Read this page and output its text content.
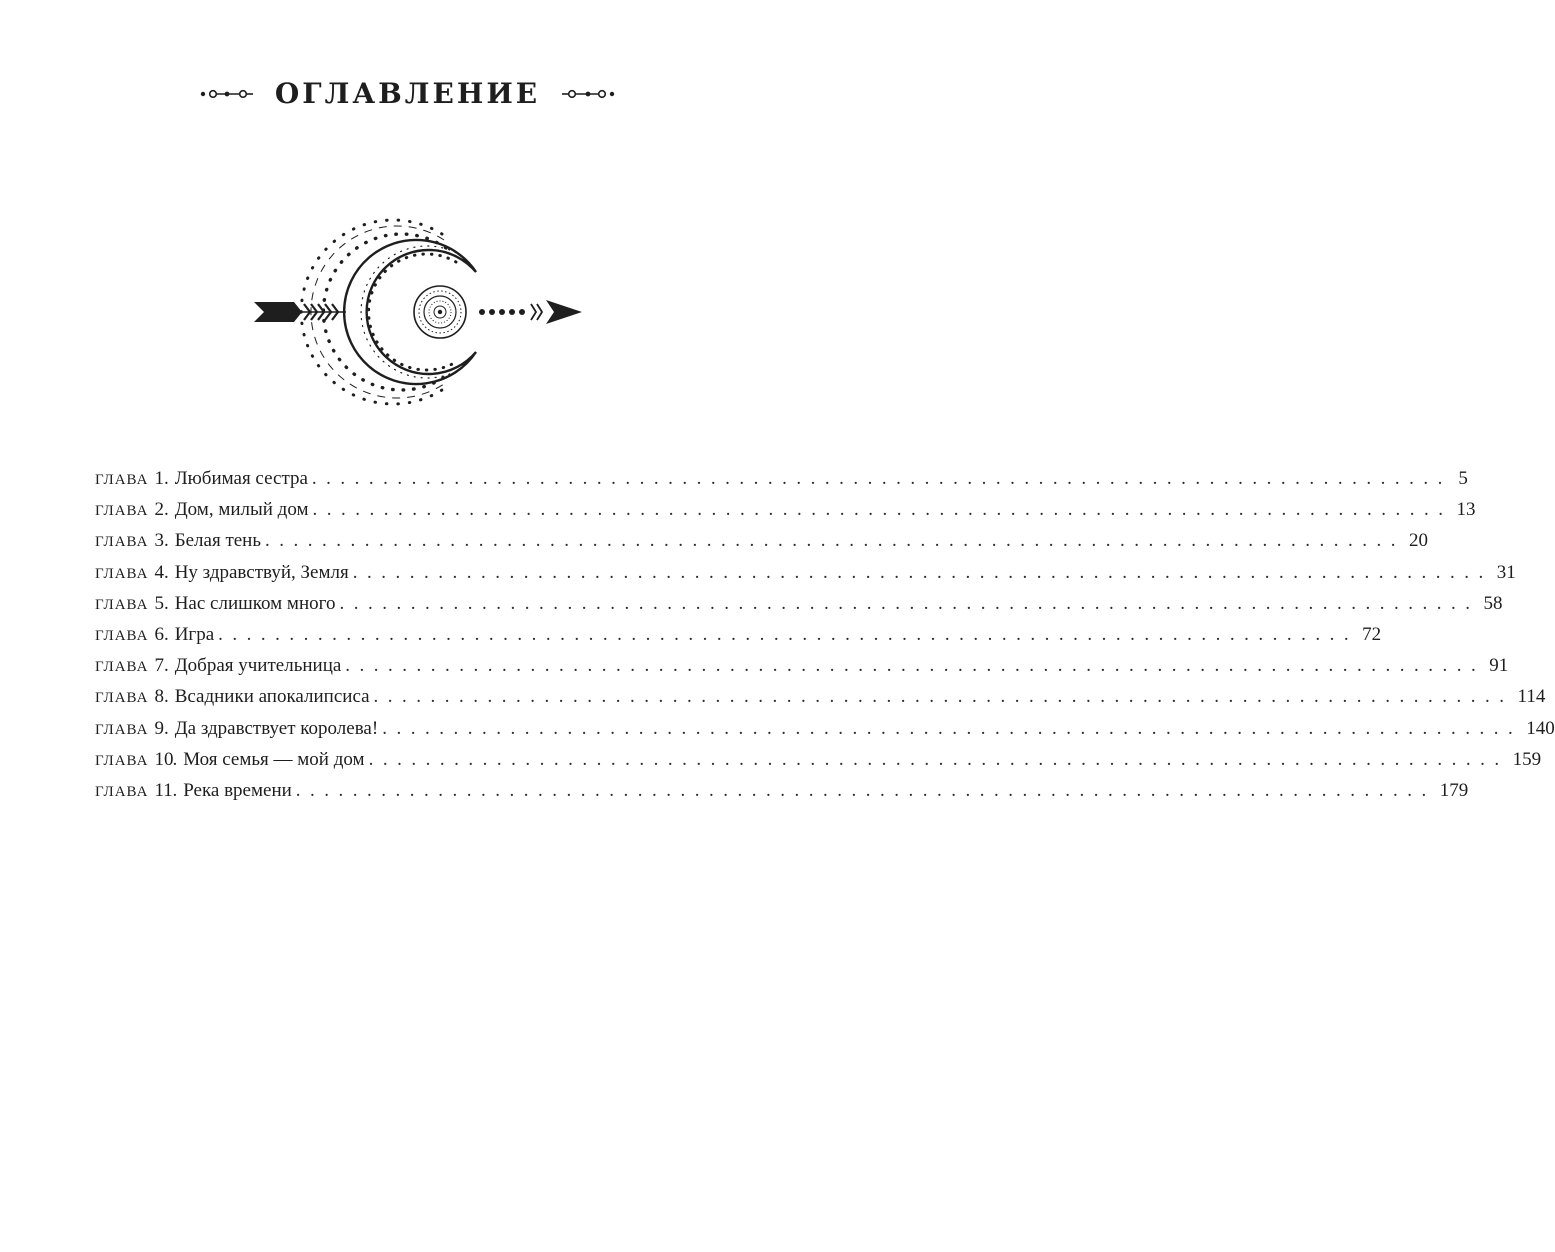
ОГЛАВЛЕНИЕ
ГЛАВА 1 . Любимая сестра ................................................................................ 5
ГЛАВА 2 . Дом, милый дом ................................................................................ 13
ГЛАВА 3 . Белая тень ................................................................................ 20
ГЛАВА 4 . Ну здравствуй, Земля ................................................................................ 31
ГЛАВА 5 . Нас слишком много ................................................................................ 58
ГЛАВА 6 . Игра ................................................................................ 72
ГЛАВА 7 . Добрая учительница ................................................................................ 91
ГЛАВА 8 . Всадники апокалипсиса ................................................................................ 114
ГЛАВА 9 . Да здравствует королева! ................................................................................ 140
ГЛАВА 10 . Моя семья — мой дом ................................................................................ 159
ГЛАВА 11 . Река времени ................................................................................ 179
